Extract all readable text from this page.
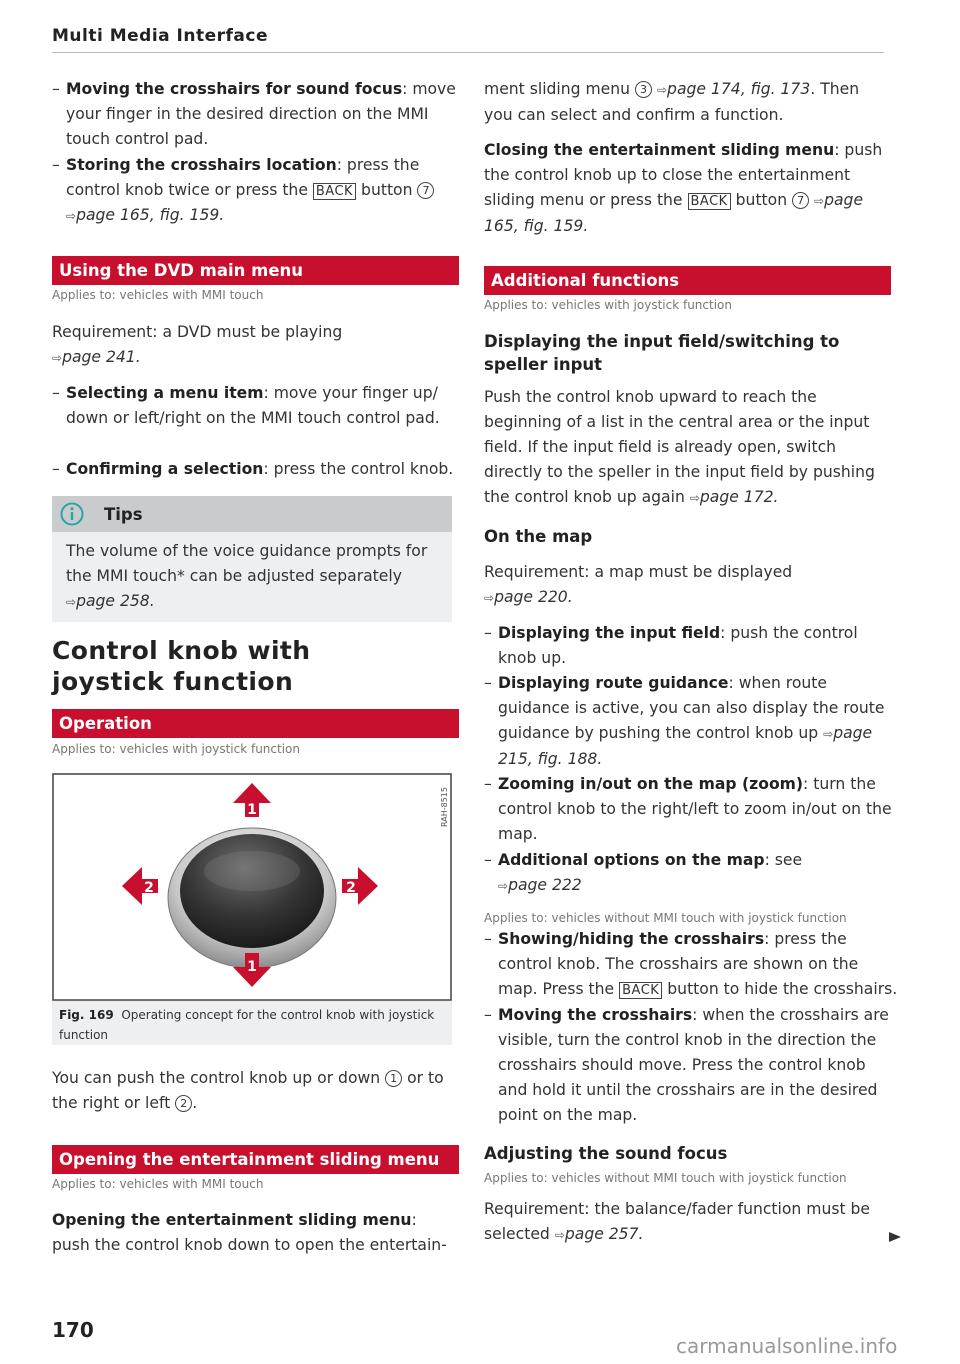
Multi Media Interface
– Moving the crosshairs for sound focus: move your finger in the desired direction on the MMI touch control pad.
– Storing the crosshairs location: press the control knob twice or press the BACK button 7 ⇨page 165, fig. 159.
Using the DVD main menu
Applies to: vehicles with MMI touch
Requirement: a DVD must be playing
⇨page 241.
– Selecting a menu item: move your finger up/ down or left/right on the MMI touch control pad.
– Confirming a selection: press the control knob.
Tips
The volume of the voice guidance prompts for the MMI touch* can be adjusted separately ⇨page 258.
Control knob with
joystick function
Operation
Applies to: vehicles with joystick function
1
1
2	2
RAH-8515
Fig. 169 Operating concept for the control knob with joystick function
You can push the control knob up or down 1 or to the right or left 2 .
Opening the entertainment sliding menu
Applies to: vehicles with MMI touch
Opening the entertainment sliding menu: push the control knob down to open the entertain-
ment sliding menu 3 ⇨page 174, fig. 173. Then you can select and confirm a function.
Closing the entertainment sliding menu: push the control knob up to close the entertainment sliding menu or press the BACK button 7 ⇨page 165, fig. 159.
Additional functions
Applies to: vehicles with joystick function
Displaying the input field/switching to speller input
Push the control knob upward to reach the beginning of a list in the central area or the input field. If the input field is already open, switch directly to the speller in the input field by pushing the control knob up again ⇨page 172.
On the map
Requirement: a map must be displayed
⇨page 220.
– Displaying the input field: push the control knob up.
– Displaying route guidance: when route guidance is active, you can also display the route guidance by pushing the control knob up ⇨page 215, fig. 188.
– Zooming in/out on the map (zoom): turn the control knob to the right/left to zoom in/out on the map.
– Additional options on the map: see
⇨page 222
Applies to: vehicles without MMI touch with joystick function
– Showing/hiding the crosshairs: press the control knob. The crosshairs are shown on the map. Press the BACK button to hide the crosshairs.
– Moving the crosshairs: when the crosshairs are visible, turn the control knob in the direction the crosshairs should move. Press the control knob and hold it until the crosshairs are in the desired point on the map.
Adjusting the sound focus
Applies to: vehicles without MMI touch with joystick function
Requirement: the balance/fader function must be selected ⇨page 257.
170
carmanualsonline.info
